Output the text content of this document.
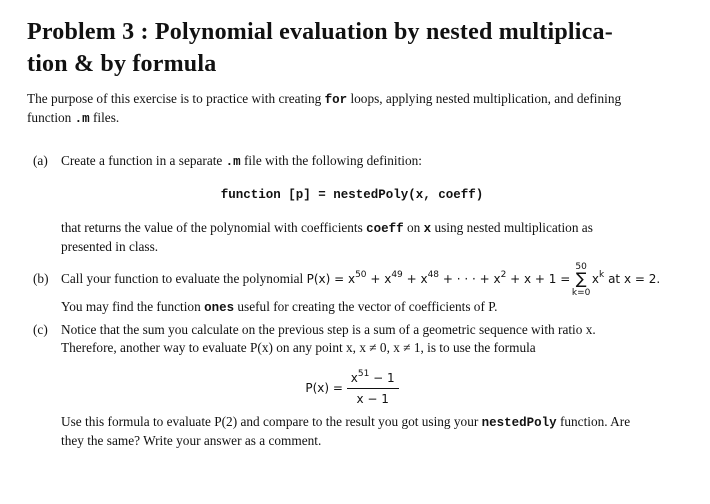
Problem 3 : Polynomial evaluation by nested multiplica-
tion & by formula
The purpose of this exercise is to practice with creating for loops, applying nested multiplication, and defining
function .m files.
(a) Create a function in a separate .m file with the following definition:
function [p] = nestedPoly(x, coeff)
that returns the value of the polynomial with coefficients coeff on x using nested multiplication as
presented in class.
(b) Call your function to evaluate the polynomial $P(x) = x^{50} + x^{49} + x^{48}$ + · · · + $x^2 + x + 1$ =
50
∑
k=0
$x^k$ at x = 2.
You may find the function ones useful for creating the vector of coefficients of P.
(c) Notice that the sum you calculate on the previous step is a sum of a geometric sequence with ratio x.
Therefore, another way to evaluate P(x) on any point x, x ≠ 0, x ≠ 1, is to use the formula
$P(x) = \frac{x^{51} - 1}{x - 1}$
Use this formula to evaluate P(2) and compare to the result you got using your nestedPoly function. Are
they the same? Write your answer as a comment.
